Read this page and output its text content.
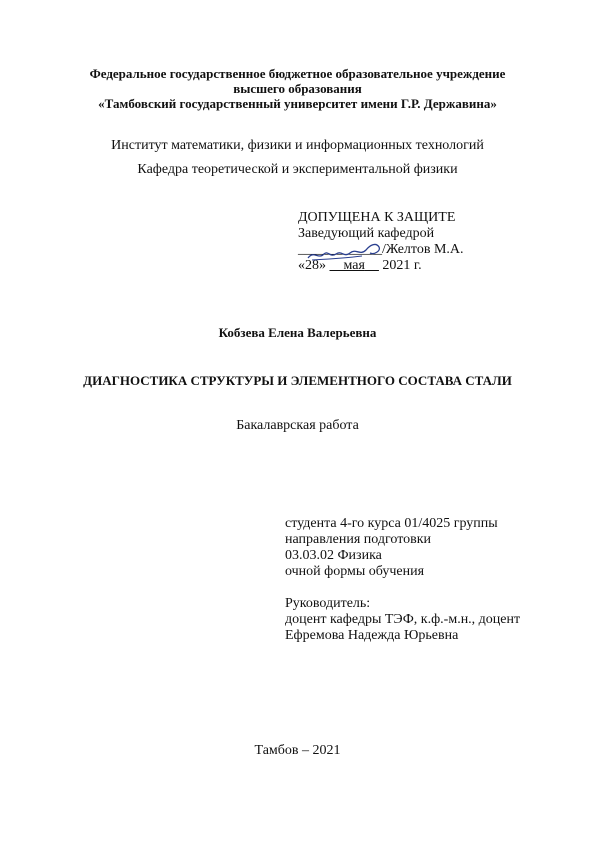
Федеральное государственное бюджетное образовательное учреждение
высшего образования
«Тамбовский государственный университет имени Г.Р. Державина»
Институт математики, физики и информационных технологий
Кафедра теоретической и экспериментальной физики
ДОПУЩЕНА К ЗАЩИТЕ
Заведующий кафедрой
____________/Желтов М.А.
«28» мая 2021 г.
Кобзева Елена Валерьевна
ДИАГНОСТИКА СТРУКТУРЫ И ЭЛЕМЕНТНОГО СОСТАВА СТАЛИ
Бакалаврская работа
студента 4-го курса 01/4025 группы
направления подготовки
03.03.02 Физика
очной формы обучения
Руководитель:
доцент кафедры ТЭФ, к.ф.-м.н., доцент
Ефремова Надежда Юрьевна
Тамбов – 2021
